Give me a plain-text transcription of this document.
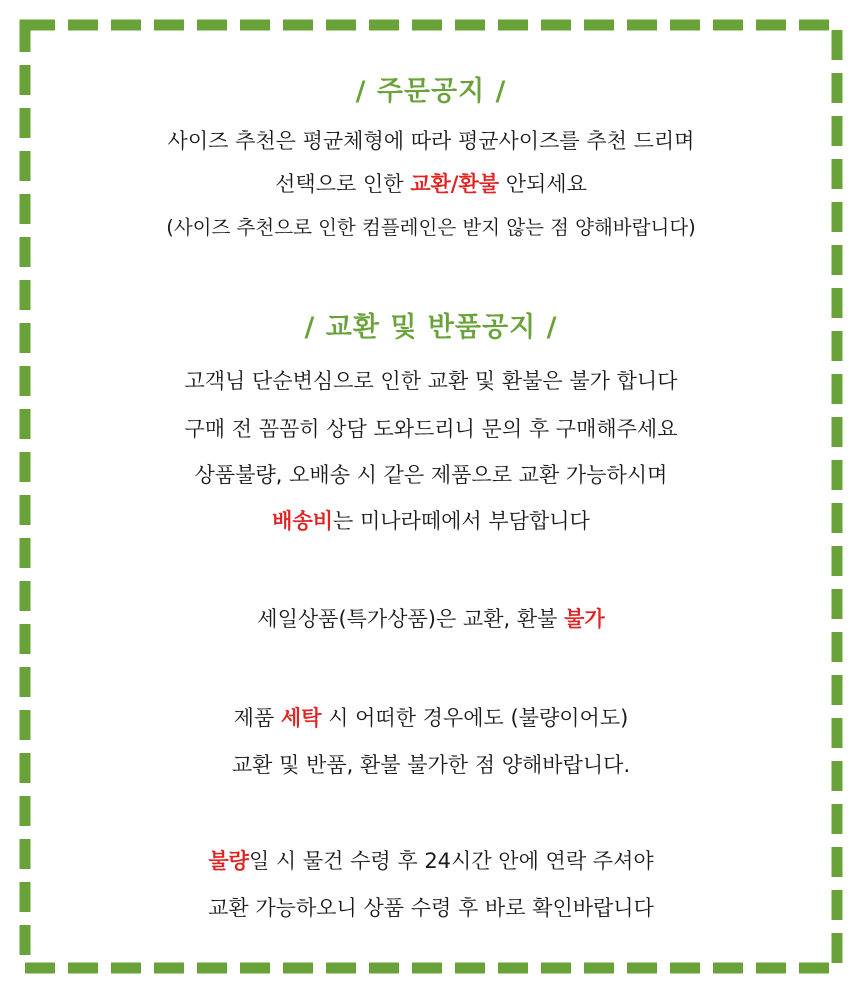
/ 주문공지 /
사이즈 추천은 평균체형에 따라 평균사이즈를 추천 드리며
선택으로 인한 교환/환불 안되세요
(사이즈 추천으로 인한 컴플레인은 받지 않는 점 양해바랍니다)
/ 교환 및 반품공지 /
고객님 단순변심으로 인한 교환 및 환불은 불가 합니다
구매 전 꼼꼼히 상담 도와드리니 문의 후 구매해주세요
상품불량, 오배송 시 같은 제품으로 교환 가능하시며
배송비는 미나라떼에서 부담합니다
세일상품(특가상품)은 교환, 환불 불가
제품 세탁 시 어떠한 경우에도 (불량이어도)
교환 및 반품, 환불 불가한 점 양해바랍니다.
불량일 시 물건 수령 후 24시간 안에 연락 주셔야
교환 가능하오니 상품 수령 후 바로 확인바랍니다
